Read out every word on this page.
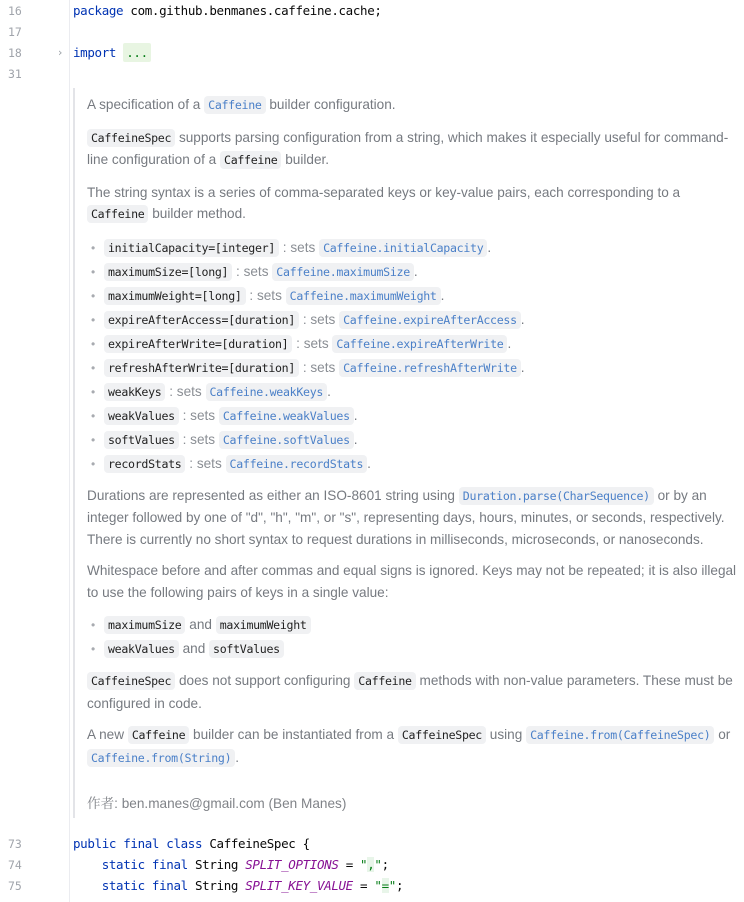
16	package com.github.benmanes.caffeine.cache;
17
18	› import ...
31
A specification of a Caffeine builder configuration.
CaffeineSpec supports parsing configuration from a string, which makes it especially useful for command-line configuration of a Caffeine builder.
The string syntax is a series of comma-separated keys or key-value pairs, each corresponding to a Caffeine builder method.
• initialCapacity=[integer] : sets Caffeine.initialCapacity .
• maximumSize=[long] : sets Caffeine.maximumSize .
• maximumWeight=[long] : sets Caffeine.maximumWeight .
• expireAfterAccess=[duration] : sets Caffeine.expireAfterAccess .
• expireAfterWrite=[duration] : sets Caffeine.expireAfterWrite .
• refreshAfterWrite=[duration] : sets Caffeine.refreshAfterWrite .
• weakKeys : sets Caffeine.weakKeys .
• weakValues : sets Caffeine.weakValues .
• softValues : sets Caffeine.softValues .
• recordStats : sets Caffeine.recordStats .
Durations are represented as either an ISO-8601 string using Duration.parse(CharSequence) or by an integer followed by one of "d", "h", "m", or "s", representing days, hours, minutes, or seconds, respectively. There is currently no short syntax to request durations in milliseconds, microseconds, or nanoseconds.
Whitespace before and after commas and equal signs is ignored. Keys may not be repeated; it is also illegal to use the following pairs of keys in a single value:
• maximumSize and maximumWeight
• weakValues and softValues
CaffeineSpec does not support configuring Caffeine methods with non-value parameters. These must be configured in code.
A new Caffeine builder can be instantiated from a CaffeineSpec using Caffeine.from(CaffeineSpec) or Caffeine.from(String) .
作者: ben.manes@gmail.com (Ben Manes)
73	public final class CaffeineSpec {
74	static final String SPLIT_OPTIONS = ",";
75	static final String SPLIT_KEY_VALUE = "=";
